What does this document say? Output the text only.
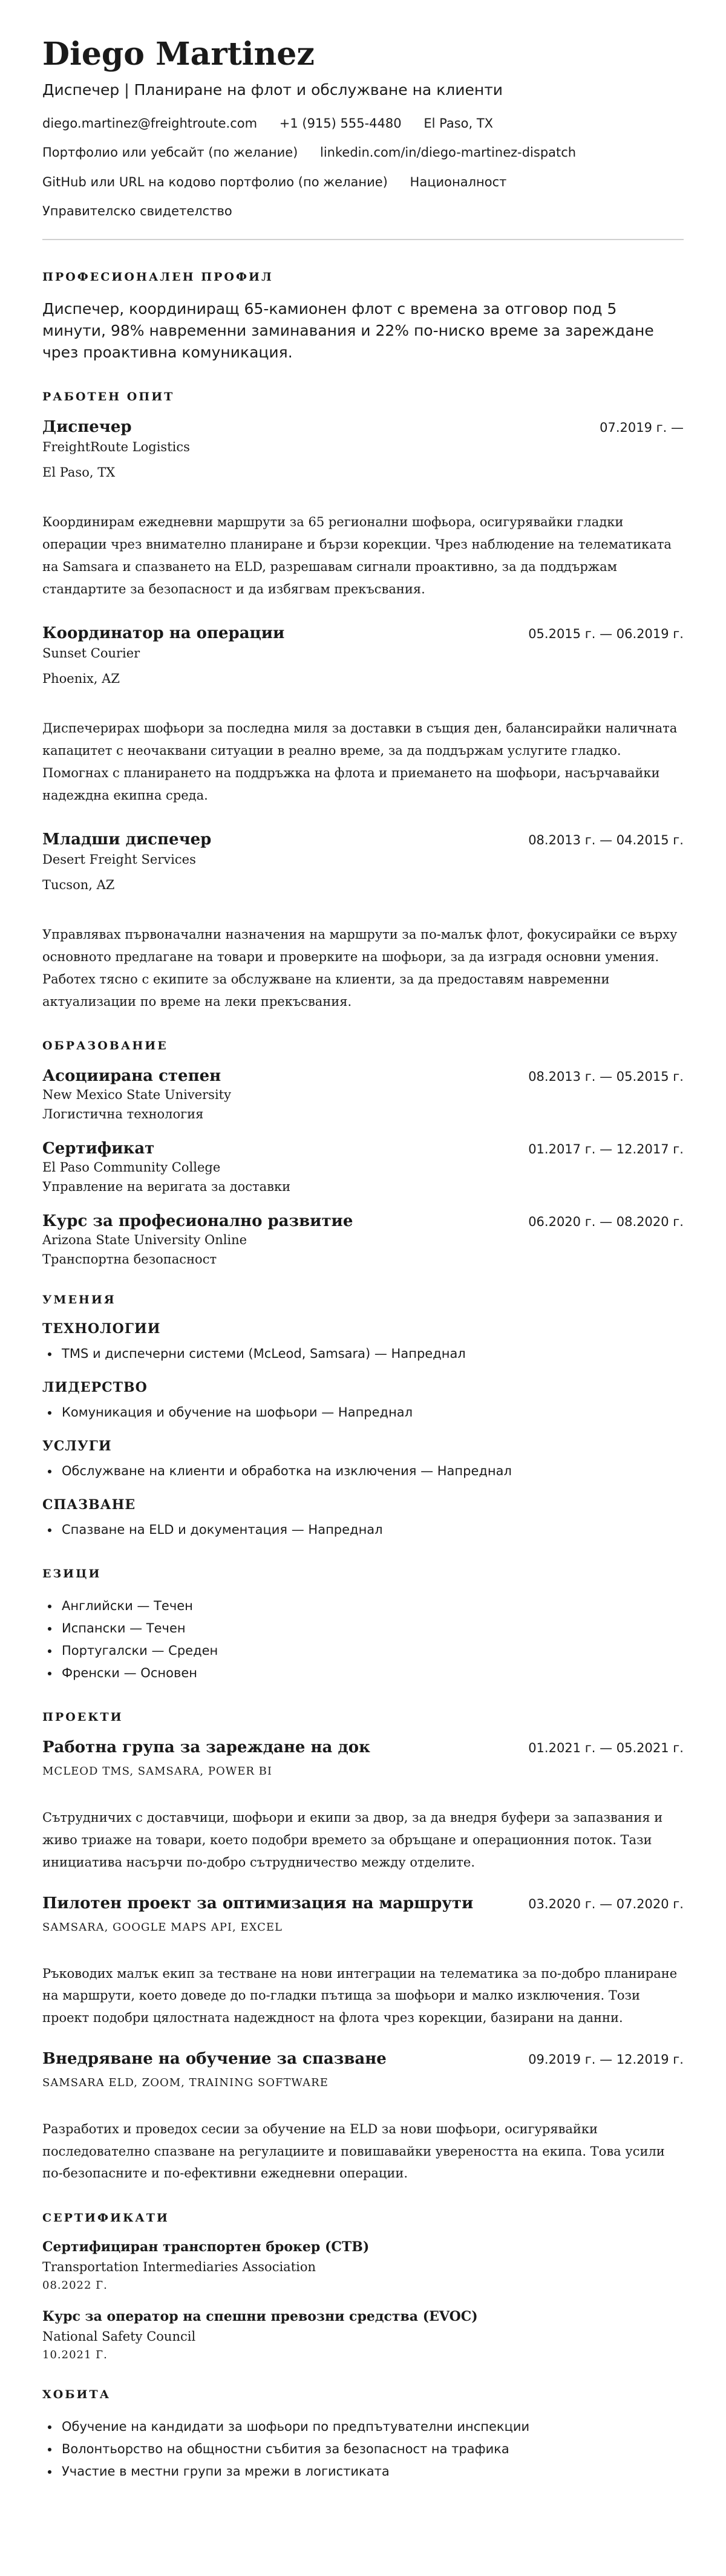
Diego Martinez
Диспечер | Планиране на флот и обслужване на клиенти
diego.martinez@freightroute.com +1 (915) 555-4480 El Paso, TX
Портфолио или уебсайт (по желание) linkedin.com/in/diego-martinez-dispatch
GitHub или URL на кодово портфолио (по желание) Националност
Управителско свидетелство
ПРОФЕСИОНАЛЕН ПРОФИЛ

Диспечер, координиращ 65-камионен флот с времена за отговор под 5 минути, 98% навременни заминавания и 22% по-ниско време за зареждане чрез проактивна комуникация.

РАБОТЕН ОПИТ
Диспечер	07.2019 г. —
FreightRoute Logistics
El Paso, TX
Координирам ежедневни маршрути за 65 регионални шофьора, осигурявайки гладки операции чрез внимателно планиране и бързи корекции. Чрез наблюдение на телематиката на Samsara и спазването на ELD, разрешавам сигнали проактивно, за да поддържам стандартите за безопасност и да избягвам прекъсвания.
Координатор на операции	05.2015 г. — 06.2019 г.
Sunset Courier
Phoenix, AZ
Диспечерирах шофьори за последна миля за доставки в същия ден, балансирайки наличната капацитет с неочаквани ситуации в реално време, за да поддържам услугите гладко. Помогнах с планирането на поддръжка на флота и приемането на шофьори, насърчавайки надеждна екипна среда.
Младши диспечер	08.2013 г. — 04.2015 г.
Desert Freight Services
Tucson, AZ
Управлявах първоначални назначения на маршрути за по-малък флот, фокусирайки се върху основното предлагане на товари и проверките на шофьори, за да изградя основни умения. Работех тясно с екипите за обслужване на клиенти, за да предоставям навременни актуализации по време на леки прекъсвания.
ОБРАЗОВАНИЕ
Асоциирана степен	08.2013 г. — 05.2015 г.
New Mexico State University
Логистична технология
Сертификат	01.2017 г. — 12.2017 г.
El Paso Community College
Управление на веригата за доставки
Курс за професионално развитие	06.2020 г. — 08.2020 г.
Arizona State University Online
Транспортна безопасност
УМЕНИЯ
ТЕХНОЛОГИИ
• TMS и диспечерни системи (McLeod, Samsara) — Напреднал
ЛИДЕРСТВО
• Комуникация и обучение на шофьори — Напреднал
УСЛУГИ
• Обслужване на клиенти и обработка на изключения — Напреднал
СПАЗВАНЕ
• Спазване на ELD и документация — Напреднал
ЕЗИЦИ
• Английски — Течен
• Испански — Течен
• Португалски — Среден
• Френски — Основен
ПРОЕКТИ
Работна група за зареждане на док	01.2021 г. — 05.2021 г.
MCLEOD TMS, SAMSARA, POWER BI
Сътрудничих с доставчици, шофьори и екипи за двор, за да внедря буфери за запазвания и живо триаже на товари, което подобри времето за обръщане и операционния поток. Тази инициатива насърчи по-добро сътрудничество между отделите.
Пилотен проект за оптимизация на маршрути	03.2020 г. — 07.2020 г.
SAMSARA, GOOGLE MAPS API, EXCEL
Ръководих малък екип за тестване на нови интеграции на телематика за по-добро планиране на маршрути, което доведе до по-гладки пътища за шофьори и малко изключения. Този проект подобри цялостната надеждност на флота чрез корекции, базирани на данни.
Внедряване на обучение за спазване	09.2019 г. — 12.2019 г.
SAMSARA ELD, ZOOM, TRAINING SOFTWARE
Разработих и проведох сесии за обучение на ELD за нови шофьори, осигурявайки последователно спазване на регулациите и повишавайки увереността на екипа. Това усили по-безопасните и по-ефективни ежедневни операции.
СЕРТИФИКАТИ
Сертифициран транспортен брокер (CTB)
Transportation Intermediaries Association
08.2022 Г.
Курс за оператор на спешни превозни средства (EVOC)
National Safety Council
10.2021 Г.
ХОБИТА
• Обучение на кандидати за шофьори по предпътувателни инспекции
• Волонтьорство на общностни събития за безопасност на трафика
• Участие в местни групи за мрежи в логистиката
